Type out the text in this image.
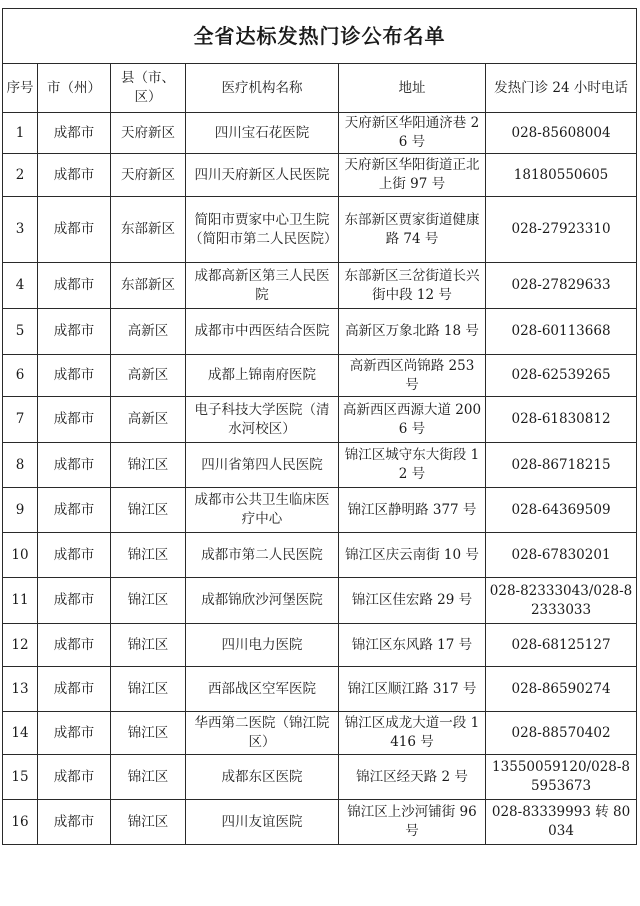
全省达标发热门诊公布名单					
序号	市（州）	县（市、区）	医疗机构名称	地址	发热门诊 24 小时电话
1	成都市	天府新区	四川宝石花医院	天府新区华阳通济巷 26 号	028-85608004
2	成都市	天府新区	四川天府新区人民医院	天府新区华阳街道正北上街 97 号	18180550605
3	成都市	东部新区	简阳市贾家中心卫生院（简阳市第二人民医院）	东部新区贾家街道健康路 74 号	028-27923310
4	成都市	东部新区	成都高新区第三人民医院	东部新区三岔街道长兴街中段 12 号	028-27829633
5	成都市	高新区	成都市中西医结合医院	高新区万象北路 18 号	028-60113668
6	成都市	高新区	成都上锦南府医院	高新西区尚锦路 253 号	028-62539265
7	成都市	高新区	电子科技大学医院（清水河校区）	高新西区西源大道 2006 号	028-61830812
8	成都市	锦江区	四川省第四人民医院	锦江区城守东大街段 12 号	028-86718215
9	成都市	锦江区	成都市公共卫生临床医疗中心	锦江区静明路 377 号	028-64369509
10	成都市	锦江区	成都市第二人民医院	锦江区庆云南街 10 号	028-67830201
11	成都市	锦江区	成都锦欣沙河堡医院	锦江区佳宏路 29 号	028-82333043/028-82333033
12	成都市	锦江区	四川电力医院	锦江区东风路 17 号	028-68125127
13	成都市	锦江区	西部战区空军医院	锦江区顺江路 317 号	028-86590274
14	成都市	锦江区	华西第二医院（锦江院区）	锦江区成龙大道一段 1416 号	028-88570402
15	成都市	锦江区	成都东区医院	锦江区经天路 2 号	13550059120/028-85953673
16	成都市	锦江区	四川友谊医院	锦江区上沙河铺街 96 号	028-83339993 转 80034
